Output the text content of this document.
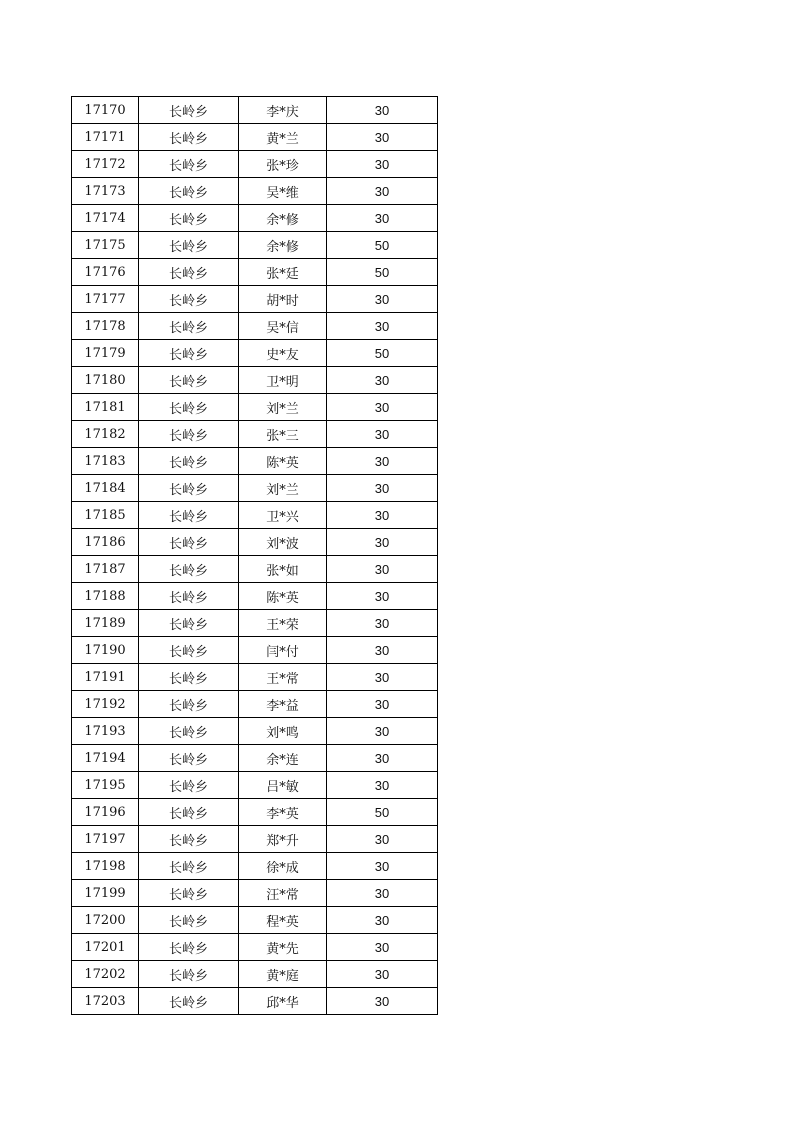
17170	长岭乡	李*庆	30
17171	长岭乡	黄*兰	30
17172	长岭乡	张*珍	30
17173	长岭乡	吴*维	30
17174	长岭乡	余*修	30
17175	长岭乡	余*修	50
17176	长岭乡	张*廷	50
17177	长岭乡	胡*时	30
17178	长岭乡	吴*信	30
17179	长岭乡	史*友	50
17180	长岭乡	卫*明	30
17181	长岭乡	刘*兰	30
17182	长岭乡	张*三	30
17183	长岭乡	陈*英	30
17184	长岭乡	刘*兰	30
17185	长岭乡	卫*兴	30
17186	长岭乡	刘*波	30
17187	长岭乡	张*如	30
17188	长岭乡	陈*英	30
17189	长岭乡	王*荣	30
17190	长岭乡	闫*付	30
17191	长岭乡	王*常	30
17192	长岭乡	李*益	30
17193	长岭乡	刘*鸣	30
17194	长岭乡	余*连	30
17195	长岭乡	吕*敏	30
17196	长岭乡	李*英	50
17197	长岭乡	郑*升	30
17198	长岭乡	徐*成	30
17199	长岭乡	汪*常	30
17200	长岭乡	程*英	30
17201	长岭乡	黄*先	30
17202	长岭乡	黄*庭	30
17203	长岭乡	邱*华	30
